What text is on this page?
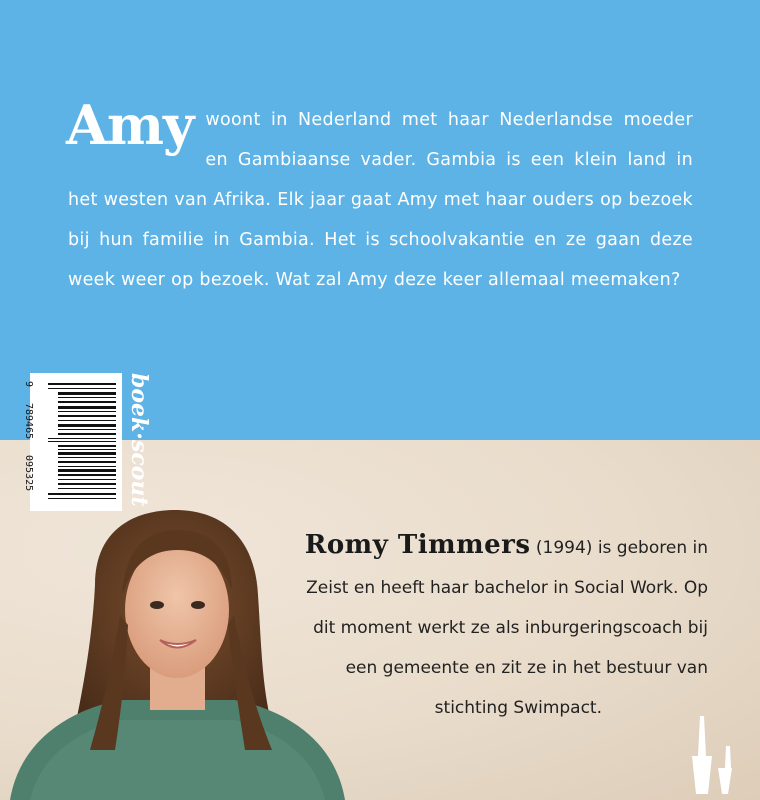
Amy woont in Nederland met haar Nederlandse moeder en Gambiaanse vader. Gambia is een klein land in het westen van Afrika. Elk jaar gaat Amy met haar ouders op bezoek bij hun familie in Gambia. Het is schoolvakantie en ze gaan deze week weer op bezoek. Wat zal Amy deze keer allemaal meemaken?

9
789465
095325	boek·scout
Romy Timmers (1994) is geboren in
Zeist en heeft haar bachelor in Social Work. Op
dit moment werkt ze als inburgeringscoach bij
een gemeente en zit ze in het bestuur van
stichting Swimpact.
